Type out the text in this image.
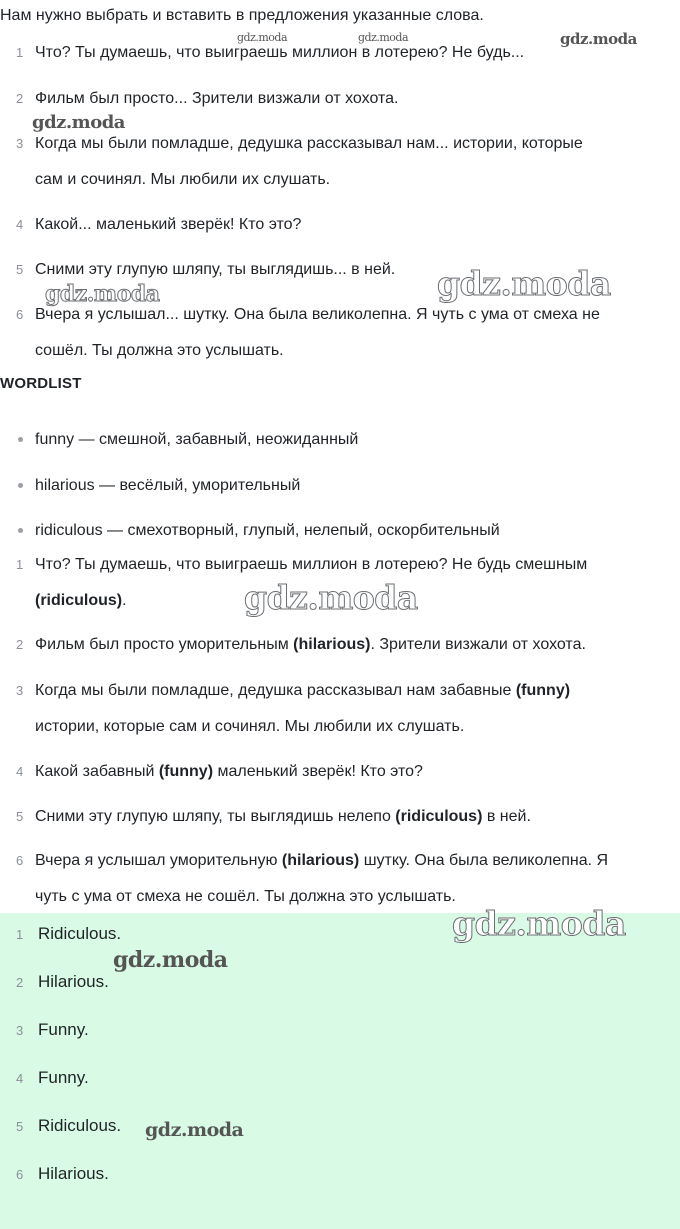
Нам нужно выбрать и вставить в предложения указанные слова.
1 Что? Ты думаешь, что выиграешь миллион в лотерею? Не будь...
2 Фильм был просто... Зрители визжали от хохота.
3 Когда мы были помладше, дедушка рассказывал нам... истории, которые
сам и сочинял. Мы любили их слушать.
4 Какой... маленький зверёк! Кто это?
5 Сними эту глупую шляпу, ты выглядишь... в ней.
6 Вчера я услышал... шутку. Она была великолепна. Я чуть с ума от смеха не
сошёл. Ты должна это услышать.
WORDLIST
funny — смешной, забавный, неожиданный
hilarious — весёлый, уморительный
ridiculous — смехотворный, глупый, нелепый, оскорбительный
1 Что? Ты думаешь, что выиграешь миллион в лотерею? Не будь смешным
(ridiculous).
2 Фильм был просто уморительным (hilarious). Зрители визжали от хохота.
3 Когда мы были помладше, дедушка рассказывал нам забавные (funny)
истории, которые сам и сочинял. Мы любили их слушать.
4 Какой забавный (funny) маленький зверёк! Кто это?
5 Сними эту глупую шляпу, ты выглядишь нелепо (ridiculous) в ней.
6 Вчера я услышал уморительную (hilarious) шутку. Она была великолепна. Я
чуть с ума от смеха не сошёл. Ты должна это услышать.
1 Ridiculous.
2 Hilarious.
3 Funny.
4 Funny.
5 Ridiculous.
6 Hilarious.
gdz.moda	gdz.moda	gdz.moda
gdz.moda
gdz.moda	gdz.moda
gdz.moda
gdz.moda
gdz.moda
gdz.moda
